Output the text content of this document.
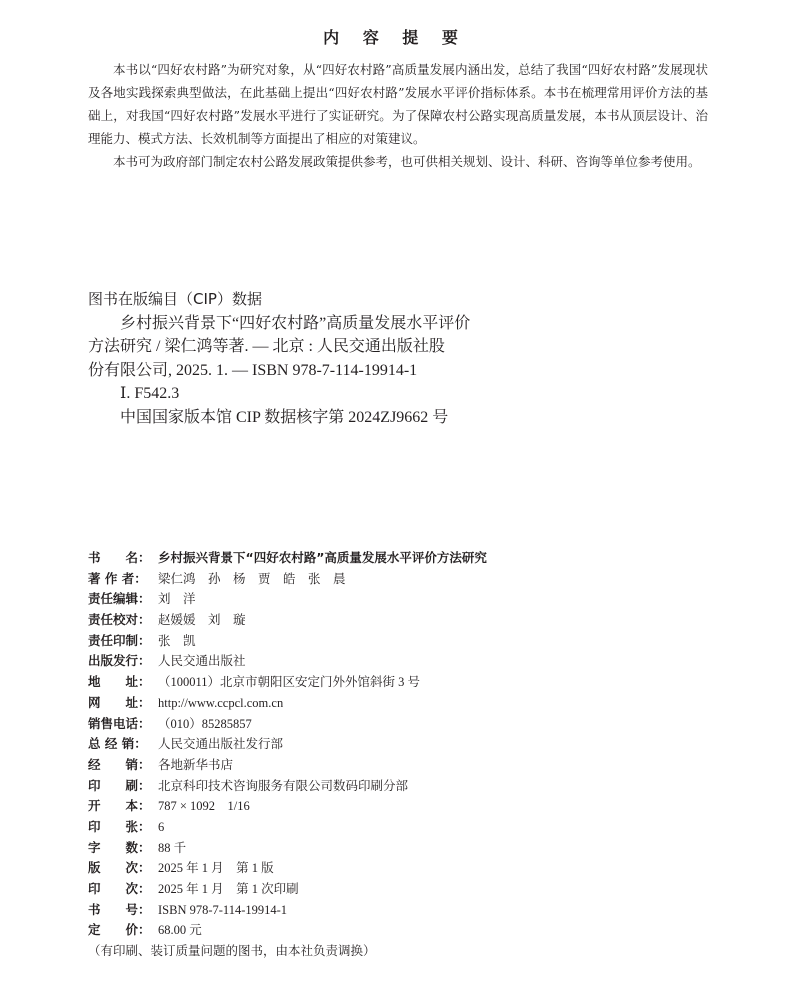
内 容 提 要

本书以“四好农村路”为研究对象，从“四好农村路”高质量发展内涵出发，总结了我国“四好农村路”发展现状及各地实践探索典型做法，在此基础上提出“四好农村路”发展水平评价指标体系。本书在梳理常用评价方法的基础上，对我国“四好农村路”发展水平进行了实证研究。为了保障农村公路实现高质量发展，本书从顶层设计、治理能力、模式方法、长效机制等方面提出了相应的对策建议。

本书可为政府部门制定农村公路发展政策提供参考，也可供相关规划、设计、科研、咨询等单位参考使用。

图书在版编目（CIP）数据
乡村振兴背景下“四好农村路”高质量发展水平评价
方法研究 / 梁仁鸿等著. — 北京 : 人民交通出版社股
份有限公司, 2025. 1. — ISBN 978-7-114-19914-1
Ⅰ. F542.3
中国国家版本馆 CIP 数据核字第 2024ZJ9662 号
书　　名： 乡村振兴背景下“四好农村路”高质量发展水平评价方法研究
著 作 者： 梁仁鸿　孙　杨　贾　皓　张　晨
责任编辑： 刘　洋
责任校对： 赵媛媛　刘　璇
责任印制： 张　凯
出版发行： 人民交通出版社
地　　址： （100011）北京市朝阳区安定门外外馆斜街 3 号
网　　址： http://www.ccpcl.com.cn
销售电话： （010）85285857
总 经 销： 人民交通出版社发行部
经　　销： 各地新华书店
印　　刷： 北京科印技术咨询服务有限公司数码印刷分部
开　　本： 787 × 1092　1/16
印　　张： 6
字　　数： 88 千
版　　次： 2025 年 1 月　第 1 版
印　　次： 2025 年 1 月　第 1 次印刷
书　　号： ISBN 978-7-114-19914-1
定　　价： 68.00 元
（有印刷、装订质量问题的图书，由本社负责调换）
